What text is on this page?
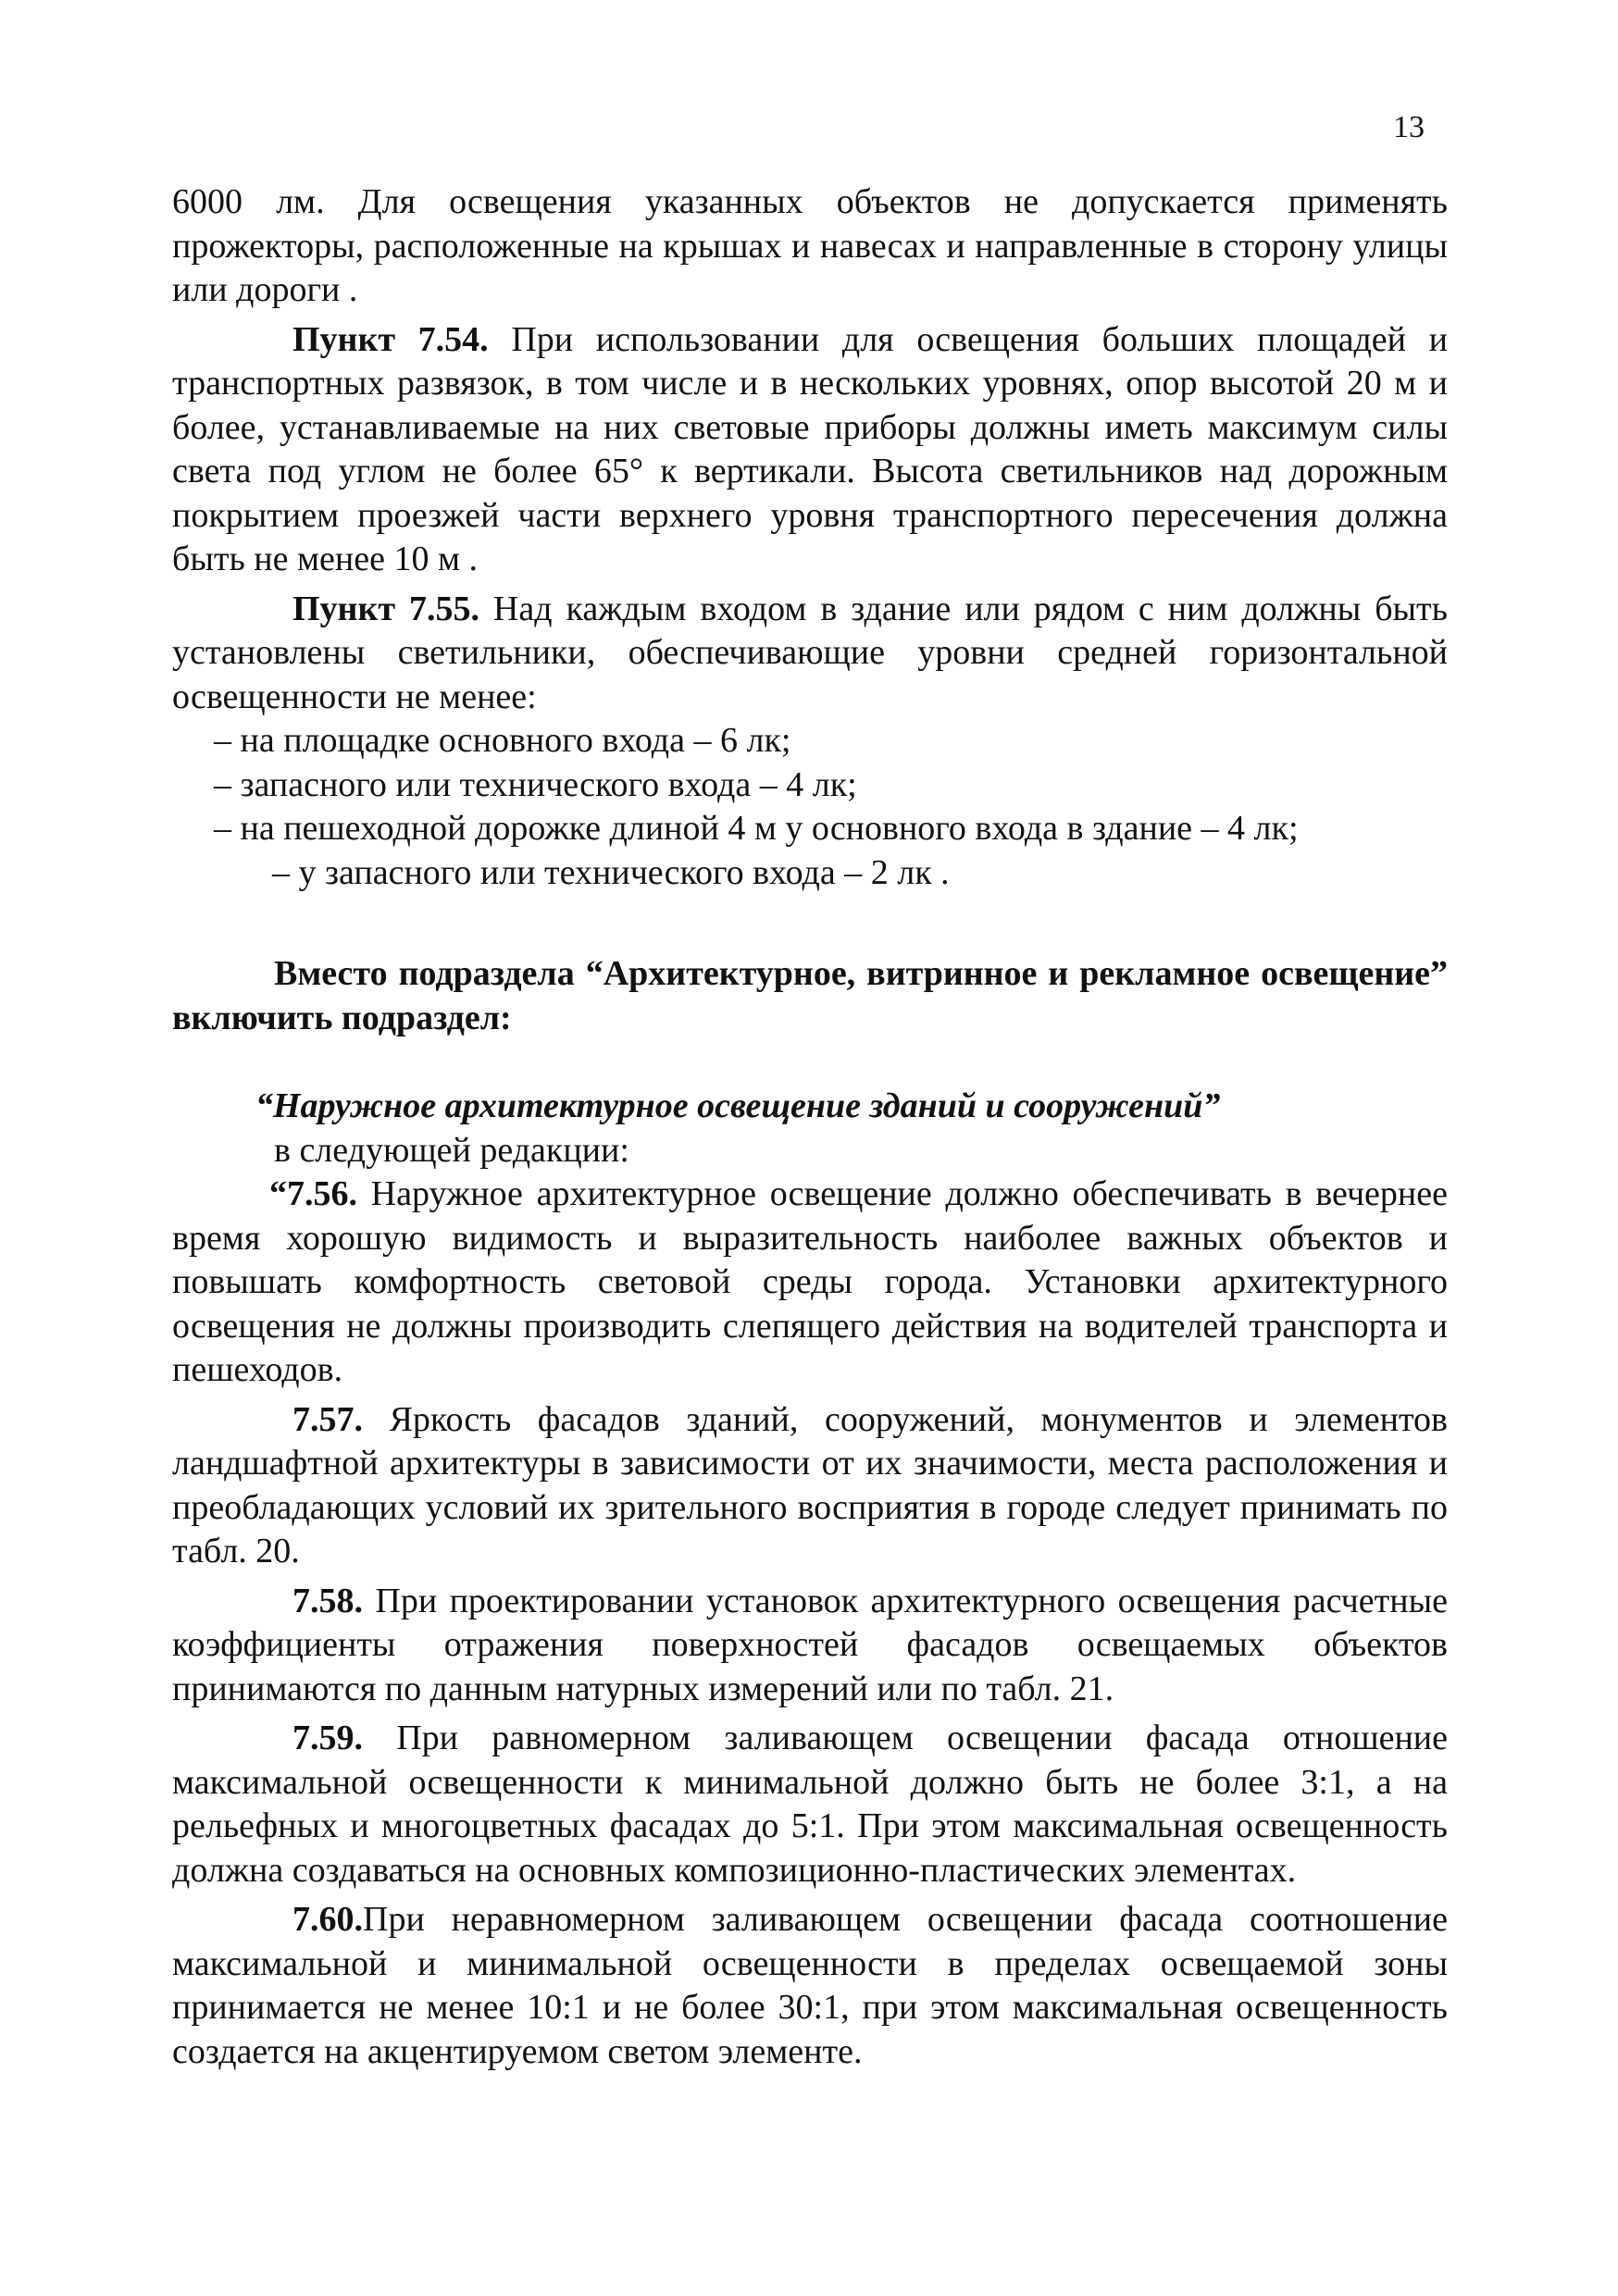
13

6000 лм. Для освещения указанных объектов не допускается применять прожекторы, расположенные на крышах и навесах и направленные в сторону улицы или дороги .

Пункт 7.54. При использовании для освещения больших площадей и транспортных развязок, в том числе и в нескольких уровнях, опор высотой 20 м и более, устанавливаемые на них световые приборы должны иметь максимум силы света под углом не более 65° к вертикали. Высота светильников над дорожным покрытием проезжей части верхнего уровня транспортного пересечения должна быть не менее 10 м .

Пункт 7.55. Над каждым входом в здание или рядом с ним должны быть установлены светильники, обеспечивающие уровни средней горизонтальной освещенности не менее:

– на площадке основного входа – 6 лк;

– запасного или технического входа – 4 лк;

– на пешеходной дорожке длиной 4 м у основного входа в здание – 4 лк;

– у запасного или технического входа – 2 лк .

Вместо подраздела “Архитектурное, витринное и рекламное освещение” включить подраздел:

“Наружное архитектурное освещение зданий и сооружений”

в следующей редакции:

“7.56. Наружное архитектурное освещение должно обеспечивать в вечернее время хорошую видимость и выразительность наиболее важных объектов и повышать комфортность световой среды города. Установки архитектурного освещения не должны производить слепящего действия на водителей транспорта и пешеходов.

7.57. Яркость фасадов зданий, сооружений, монументов и элементов ландшафтной архитектуры в зависимости от их значимости, места расположения и преобладающих условий их зрительного восприятия в городе следует принимать по табл. 20.

7.58. При проектировании установок архитектурного освещения расчетные коэффициенты отражения поверхностей фасадов освещаемых объектов принимаются по данным натурных измерений или по табл. 21.

7.59. При равномерном заливающем освещении фасада отношение максимальной освещенности к минимальной должно быть не более 3:1, а на рельефных и многоцветных фасадах до 5:1. При этом максимальная освещенность должна создаваться на основных композиционно-пластических элементах.

7.60.При неравномерном заливающем освещении фасада соотношение максимальной и минимальной освещенности в пределах освещаемой зоны принимается не менее 10:1 и не более 30:1, при этом максимальная освещенность создается на акцентируемом светом элементе.
